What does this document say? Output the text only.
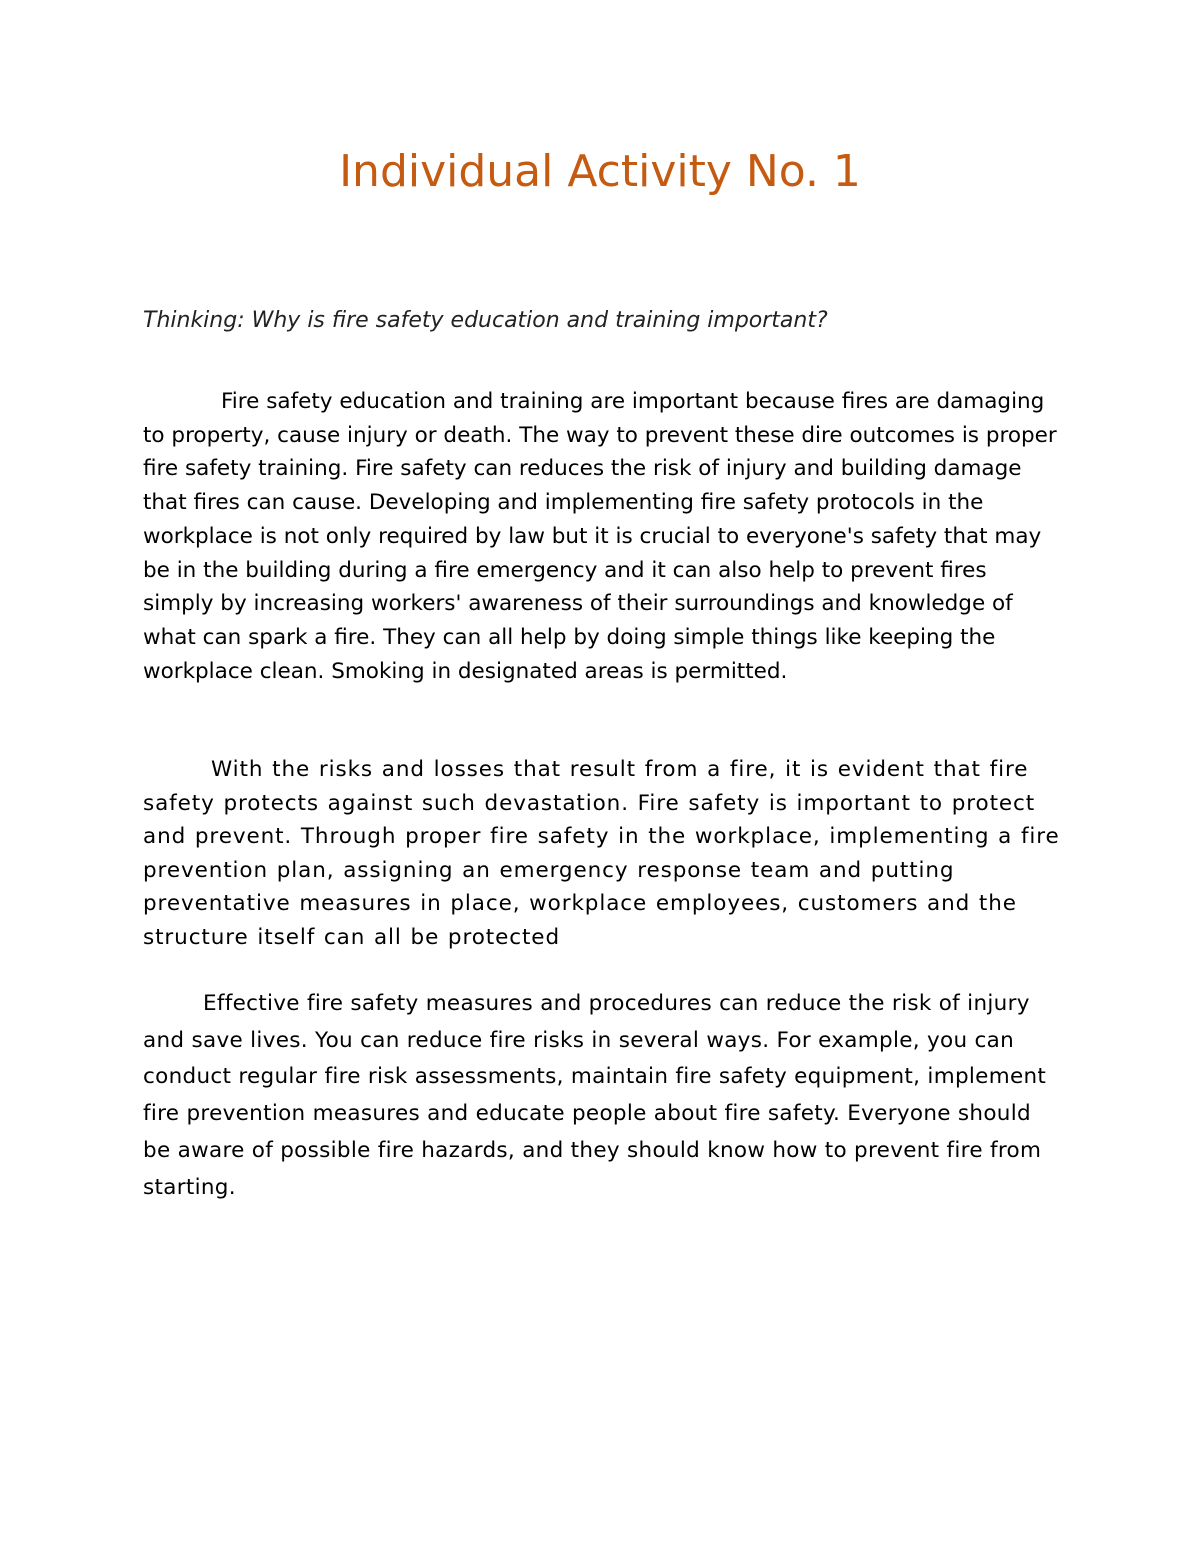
Individual Activity No. 1

Thinking: Why is fire safety education and training important?

Fire safety education and training are important because fires are damaging to property, cause injury or death. The way to prevent these dire outcomes is proper fire safety training. Fire safety can reduces the risk of injury and building damage that fires can cause. Developing and implementing fire safety protocols in the workplace is not only required by law but it is crucial to everyone's safety that may be in the building during a fire emergency and it can also help to prevent fires simply by increasing workers' awareness of their surroundings and knowledge of what can spark a fire. They can all help by doing simple things like keeping the workplace clean. Smoking in designated areas is permitted.

With the risks and losses that result from a fire, it is evident that fire safety protects against such devastation. Fire safety is important to protect and prevent. Through proper fire safety in the workplace, implementing a fire prevention plan, assigning an emergency response team and putting preventative measures in place, workplace employees, customers and the structure itself can all be protected

Effective fire safety measures and procedures can reduce the risk of injury and save lives. You can reduce fire risks in several ways. For example, you can conduct regular fire risk assessments, maintain fire safety equipment, implement fire prevention measures and educate people about fire safety. Everyone should be aware of possible fire hazards, and they should know how to prevent fire from starting.
